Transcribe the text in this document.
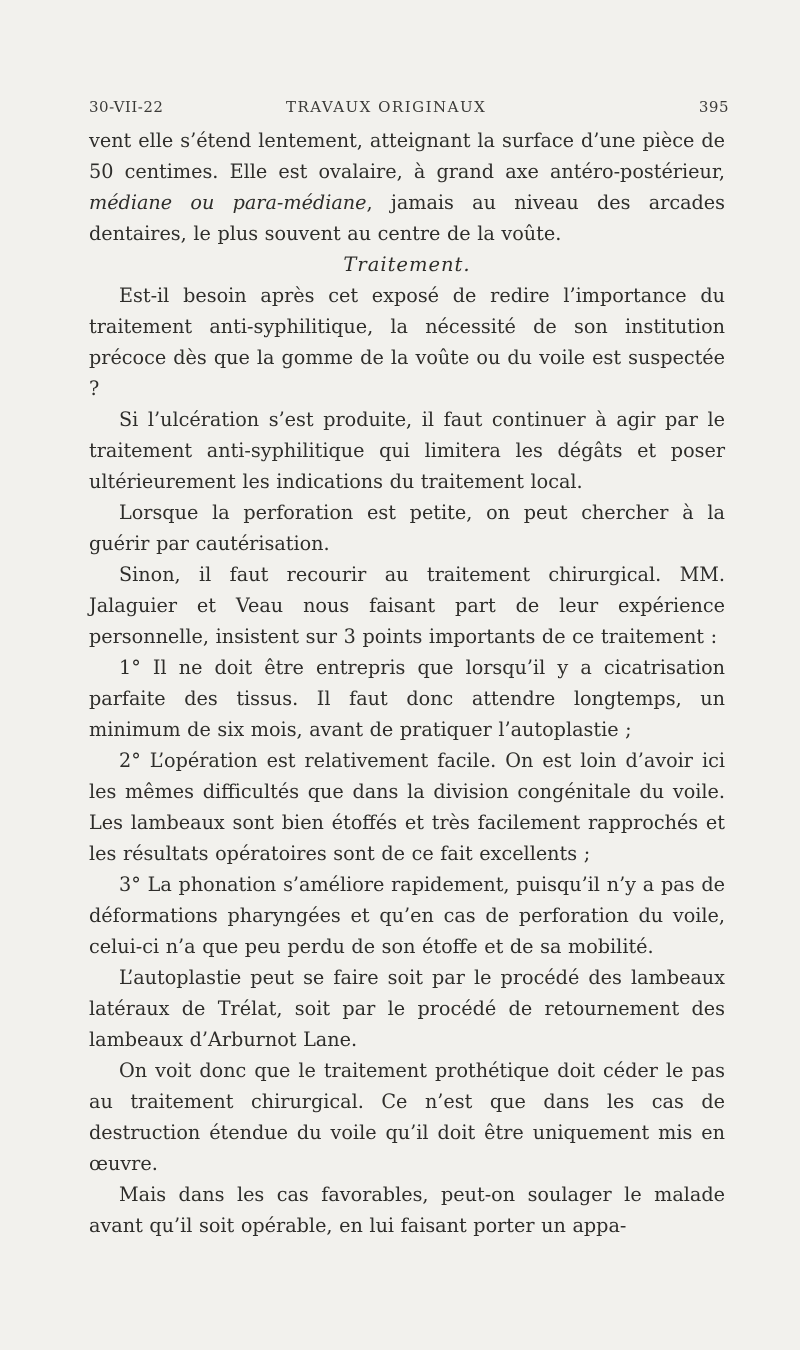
30-VII-22	TRAVAUX ORIGINAUX	395

vent elle s’étend lentement, atteignant la surface d’une pièce de 50 centimes. Elle est ovalaire, à grand axe antéro-postérieur, médiane ou para-médiane, jamais au niveau des arcades dentaires, le plus souvent au centre de la voûte.

Traitement.

Est-il besoin après cet exposé de redire l’importance du traitement anti-syphilitique, la nécessité de son institution précoce dès que la gomme de la voûte ou du voile est suspectée ?

Si l’ulcération s’est produite, il faut continuer à agir par le traitement anti-syphilitique qui limitera les dégâts et poser ultérieurement les indications du traitement local.

Lorsque la perforation est petite, on peut chercher à la guérir par cautérisation.

Sinon, il faut recourir au traitement chirurgical. MM. Jalaguier et Veau nous faisant part de leur expérience personnelle, insistent sur 3 points importants de ce traitement :

1° Il ne doit être entrepris que lorsqu’il y a cicatrisation parfaite des tissus. Il faut donc attendre longtemps, un minimum de six mois, avant de pratiquer l’autoplastie ;

2° L’opération est relativement facile. On est loin d’avoir ici les mêmes difficultés que dans la division congénitale du voile. Les lambeaux sont bien étoffés et très facilement rapprochés et les résultats opératoires sont de ce fait excellents ;

3° La phonation s’améliore rapidement, puisqu’il n’y a pas de déformations pharyngées et qu’en cas de perforation du voile, celui-ci n’a que peu perdu de son étoffe et de sa mobilité.

L’autoplastie peut se faire soit par le procédé des lambeaux latéraux de Trélat, soit par le procédé de retournement des lambeaux d’Arburnot Lane.

On voit donc que le traitement prothétique doit céder le pas au traitement chirurgical. Ce n’est que dans les cas de destruction étendue du voile qu’il doit être uniquement mis en œuvre.

Mais dans les cas favorables, peut-on soulager le malade avant qu’il soit opérable, en lui faisant porter un appa-
